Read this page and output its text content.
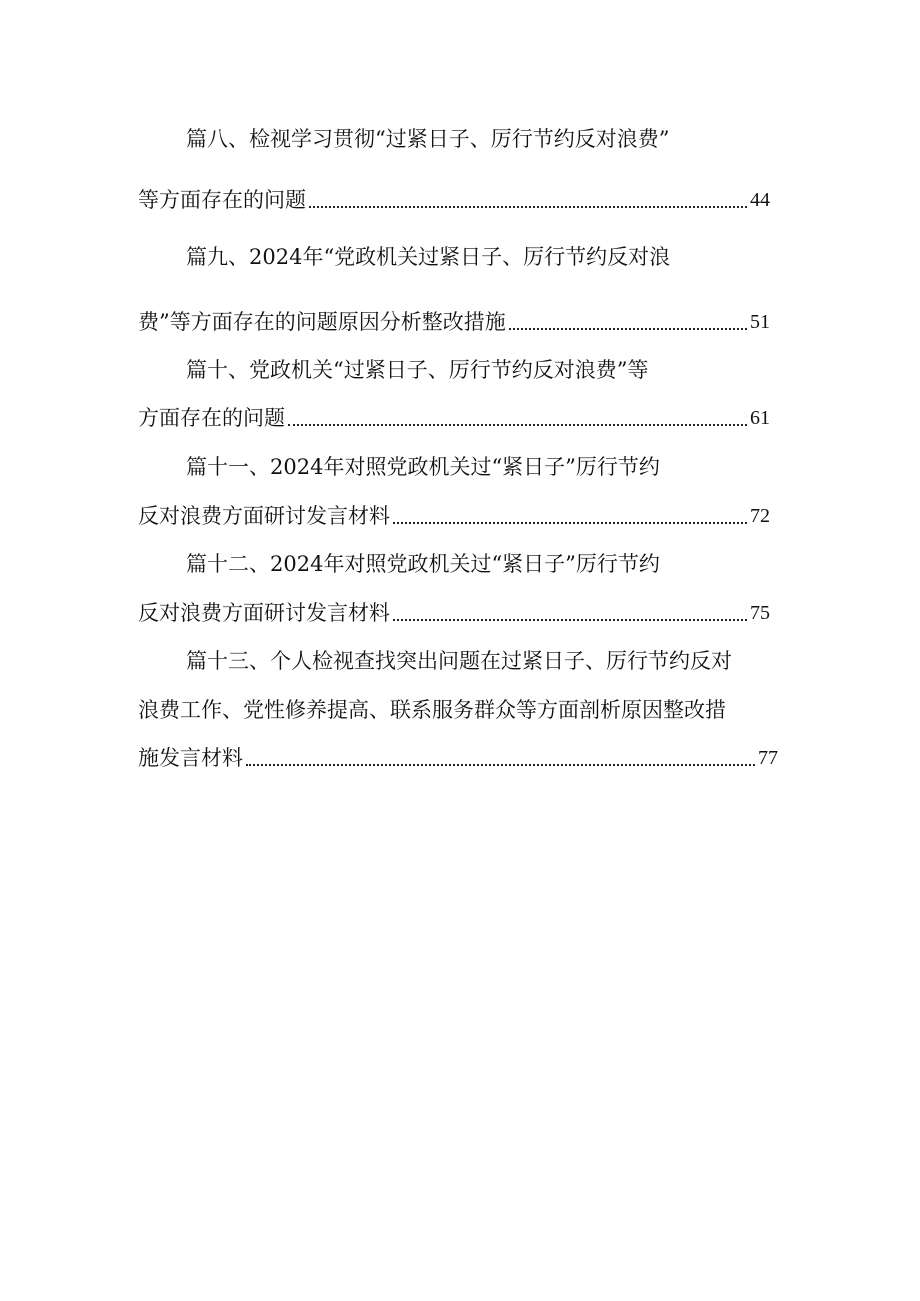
篇八、检视学习贯彻“过紧日子、厉行节约反对浪费”
等方面存在的问题	44
篇九、2024年“党政机关过紧日子、厉行节约反对浪
费”等方面存在的问题原因分析整改措施	51
篇十、党政机关“过紧日子、厉行节约反对浪费”等
方面存在的问题	61
篇十一、2024年对照党政机关过“紧日子”厉行节约
反对浪费方面研讨发言材料	72
篇十二、2024年对照党政机关过“紧日子”厉行节约
反对浪费方面研讨发言材料	75
篇十三、个人检视查找突出问题在过紧日子、厉行节约反对
浪费工作、党性修养提高、联系服务群众等方面剖析原因整改措
施发言材料	77
